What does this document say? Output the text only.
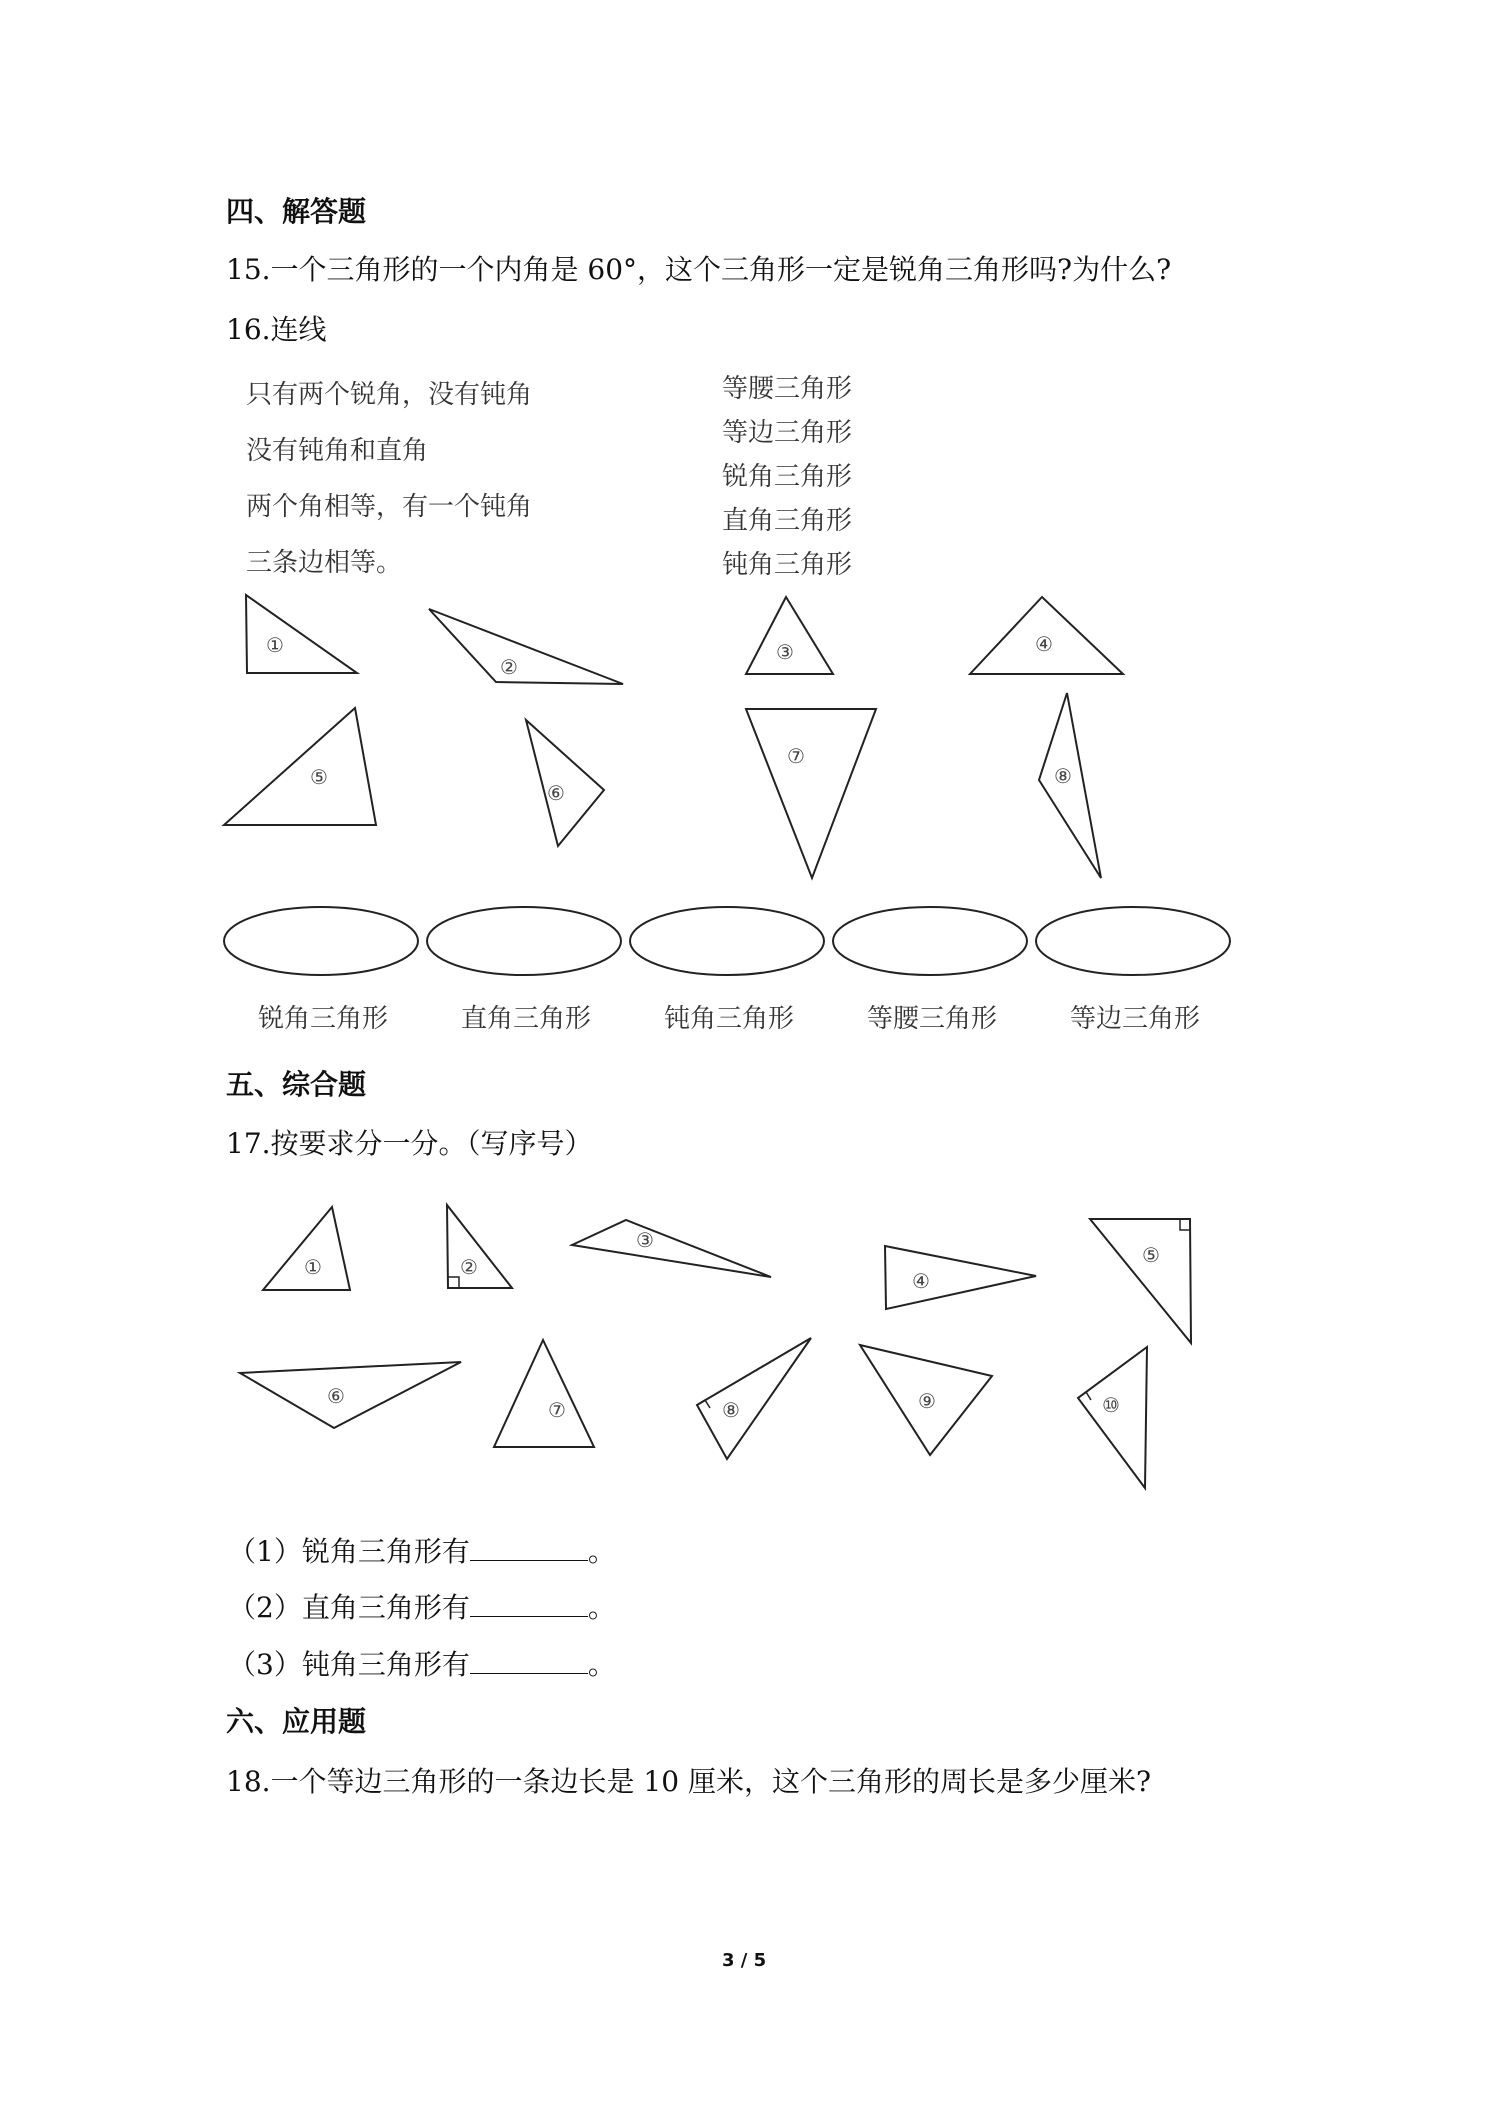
四、解答题
15.一个三角形的一个内角是 60°，这个三角形一定是锐角三角形吗?为什么?
16.连线
只有两个锐角，没有钝角
没有钝角和直角
两个角相等，有一个钝角
三条边相等。
等腰三角形
等边三角形
锐角三角形
直角三角形
钝角三角形
①
②
③	④
⑤
⑥
⑦
⑧
①	②
③
④
⑤
⑥
⑦	⑧	⑨	⑩
锐角三角形	直角三角形	钝角三角形	等腰三角形	等边三角形
五、综合题
17.按要求分一分。（写序号）
（1）锐角三角形有	。
（2）直角三角形有	。
（3）钝角三角形有	。
六、应用题
18.一个等边三角形的一条边长是 10 厘米，这个三角形的周长是多少厘米?
3 / 5
